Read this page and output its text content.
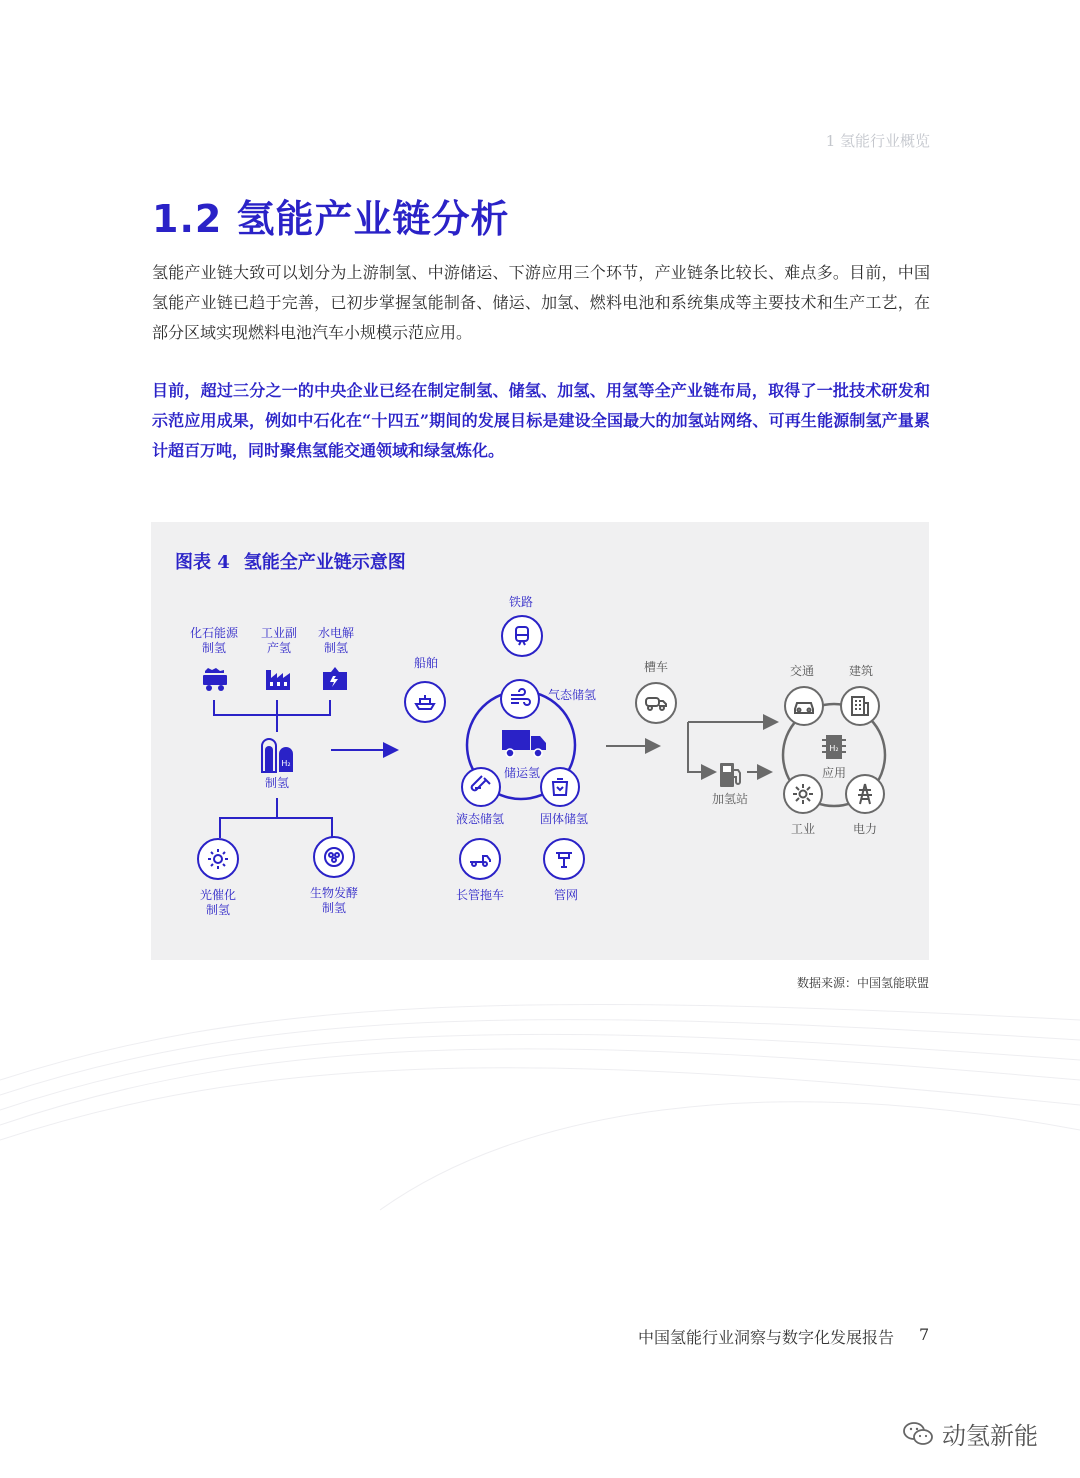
1 氢能行业概览
1.2 氢能产业链分析

氢能产业链大致可以划分为上游制氢、中游储运、下游应用三个环节，产业链条比较长、难点多。目前，中国氢能产业链已趋于完善，已初步掌握氢能制备、储运、加氢、燃料电池和系统集成等主要技术和生产工艺，在部分区域实现燃料电池汽车小规模示范应用。

目前，超过三分之一的中央企业已经在制定制氢、储氢、加氢、用氢等全产业链布局，取得了一批技术研发和示范应用成果，例如中石化在“十四五”期间的发展目标是建设全国最大的加氢站网络、可再生能源制氢产量累计超百万吨，同时聚焦氢能交通领域和绿氢炼化。

图表 4 氢能全产业链示意图
化石能源
制氢
工业副
产氢
水电解
制氢
H₂
制氢
光催化
制氢
生物发酵
制氢
铁路
船舶
气态储氢
储运氢
液态储氢	固体储氢
长管拖车	管网
槽车
加氢站
交通	建筑
H₂
应用
工业	电力
数据来源：中国氢能联盟
中国氢能行业洞察与数字化发展报告 7
动氢新能
